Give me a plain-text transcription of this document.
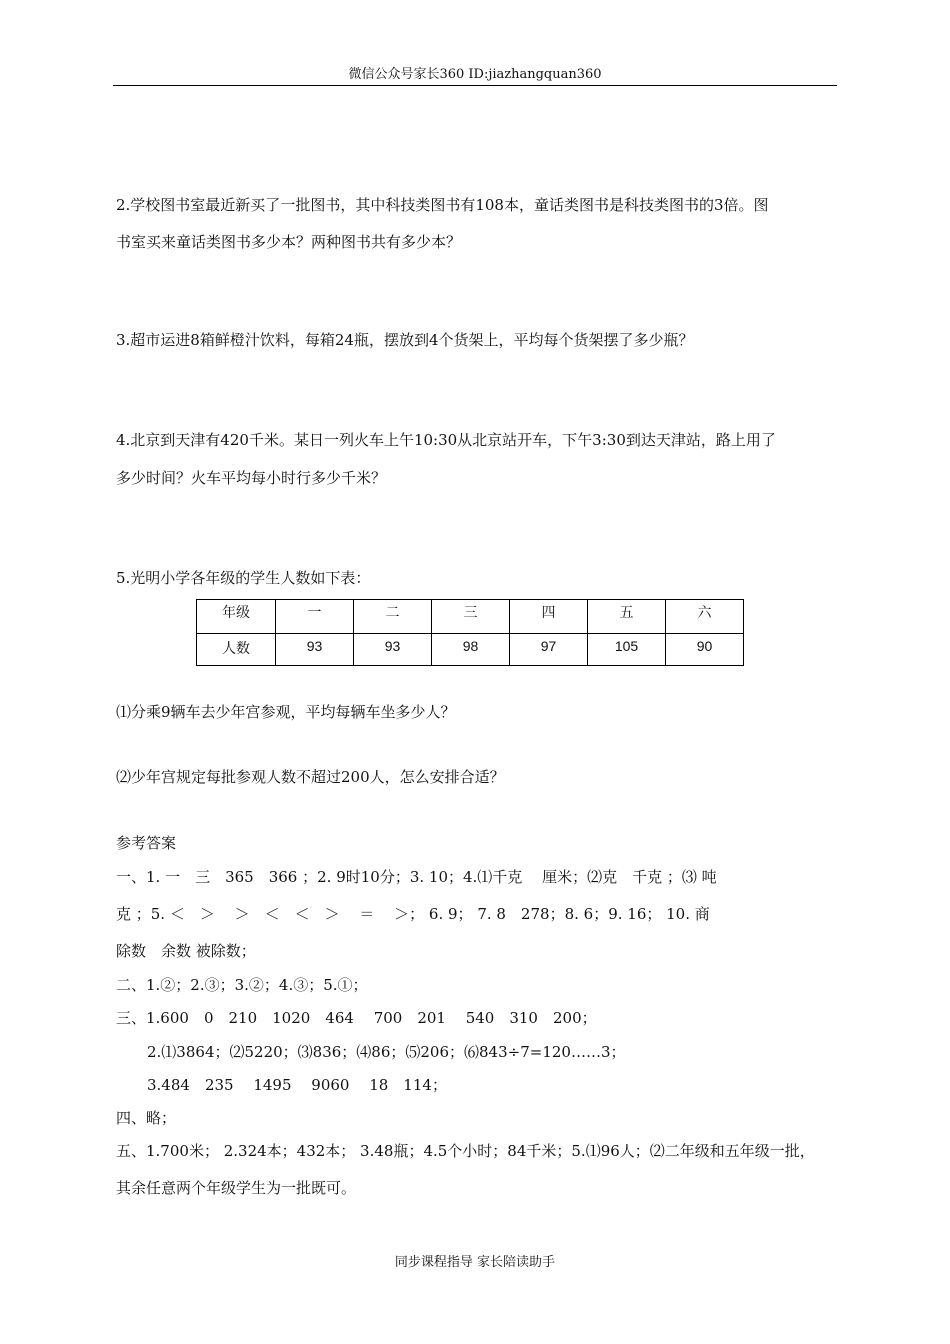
微信公众号家长360 ID:jiazhangquan360
2.学校图书室最近新买了一批图书，其中科技类图书有108本，童话类图书是科技类图书的3倍。图
书室买来童话类图书多少本？两种图书共有多少本？
3.超市运进8箱鲜橙汁饮料，每箱24瓶，摆放到4个货架上，平均每个货架摆了多少瓶？
4.北京到天津有420千米。某日一列火车上午10:30从北京站开车，下午3:30到达天津站，路上用了
多少时间？火车平均每小时行多少千米？
5.光明小学各年级的学生人数如下表：
年级	一	二	三	四	五	六
人数	93	93	98	97	105	90
⑴分乘9辆车去少年宫参观，平均每辆车坐多少人？
⑵少年宫规定每批参观人数不超过200人，怎么安排合适？
参考答案
一、1. 一　三　365　366 ；2. 9时10分；3. 10；4.⑴千克　 厘米；⑵克　千克 ；⑶ 吨
克 ；5. ＜　＞　 ＞　＜　＜　＞　 ＝　 ＞； 6. 9； 7. 8　278；8. 6；9. 16； 10. 商
除数　余数 被除数；
二、1.②；2.③；3.②；4.③；5.①；
三、1.600　0　210　1020　464　 700　201　 540　310　200；
2.⑴3864；⑵5220；⑶836；⑷86；⑸206；⑹843÷7=120……3；
3.484　235　 1495　 9060　 18　114；
四、略；
五、1.700米； 2.324本；432本； 3.48瓶；4.5个小时；84千米；5.⑴96人；⑵二年级和五年级一批，
其余任意两个年级学生为一批既可。
同步课程指导 家长陪读助手
